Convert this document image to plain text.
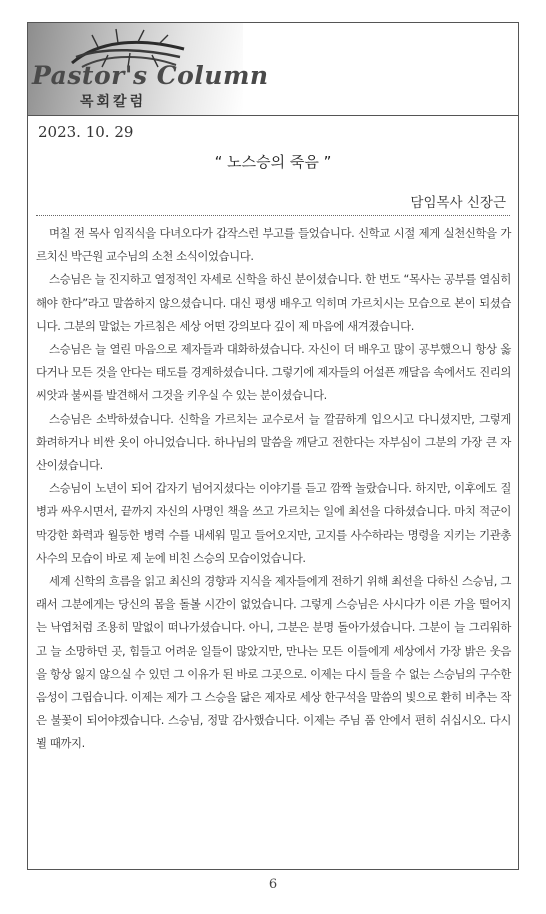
Pastor's Column
목회칼럼
2023. 10. 29
“ 노스승의 죽음 ”
담임목사 신장근

며칠 전 목사 임직식을 다녀오다가 갑작스런 부고를 들었습니다. 신학교 시절 제게 실천신학을 가르치신 박근원 교수님의 소천 소식이었습니다.

스승님은 늘 진지하고 열정적인 자세로 신학을 하신 분이셨습니다. 한 번도 “목사는 공부를 열심히 해야 한다”라고 말씀하지 않으셨습니다. 대신 평생 배우고 익히며 가르치시는 모습으로 본이 되셨습니다. 그분의 말없는 가르침은 세상 어떤 강의보다 깊이 제 마음에 새겨졌습니다.

스승님은 늘 열린 마음으로 제자들과 대화하셨습니다. 자신이 더 배우고 많이 공부했으니 항상 옳다거나 모든 것을 안다는 태도를 경계하셨습니다. 그렇기에 제자들의 어설픈 깨달음 속에서도 진리의 씨앗과 불씨를 발견해서 그것을 키우실 수 있는 분이셨습니다.

스승님은 소박하셨습니다. 신학을 가르치는 교수로서 늘 깔끔하게 입으시고 다니셨지만, 그렇게 화려하거나 비싼 옷이 아니었습니다. 하나님의 말씀을 깨닫고 전한다는 자부심이 그분의 가장 큰 자산이셨습니다.

스승님이 노년이 되어 갑자기 넘어지셨다는 이야기를 듣고 깜짝 놀랐습니다. 하지만, 이후에도 질병과 싸우시면서, 끝까지 자신의 사명인 책을 쓰고 가르치는 일에 최선을 다하셨습니다. 마치 적군이 막강한 화력과 월등한 병력 수를 내세워 밀고 들어오지만, 고지를 사수하라는 명령을 지키는 기관총 사수의 모습이 바로 제 눈에 비친 스승의 모습이었습니다.

세계 신학의 흐름을 읽고 최신의 경향과 지식을 제자들에게 전하기 위해 최선을 다하신 스승님, 그래서 그분에게는 당신의 몸을 돌볼 시간이 없었습니다. 그렇게 스승님은 사시다가 이른 가을 떨어지는 낙엽처럼 조용히 말없이 떠나가셨습니다. 아니, 그분은 분명 돌아가셨습니다. 그분이 늘 그리워하고 늘 소망하던 곳, 힘들고 어려운 일들이 많았지만, 만나는 모든 이들에게 세상에서 가장 밝은 웃음을 항상 잃지 않으실 수 있던 그 이유가 된 바로 그곳으로. 이제는 다시 들을 수 없는 스승님의 구수한 음성이 그립습니다. 이제는 제가 그 스승을 닮은 제자로 세상 한구석을 말씀의 빛으로 환히 비추는 작은 불꽃이 되어야겠습니다. 스승님, 정말 감사했습니다. 이제는 주님 품 안에서 편히 쉬십시오. 다시 뵐 때까지.

6
